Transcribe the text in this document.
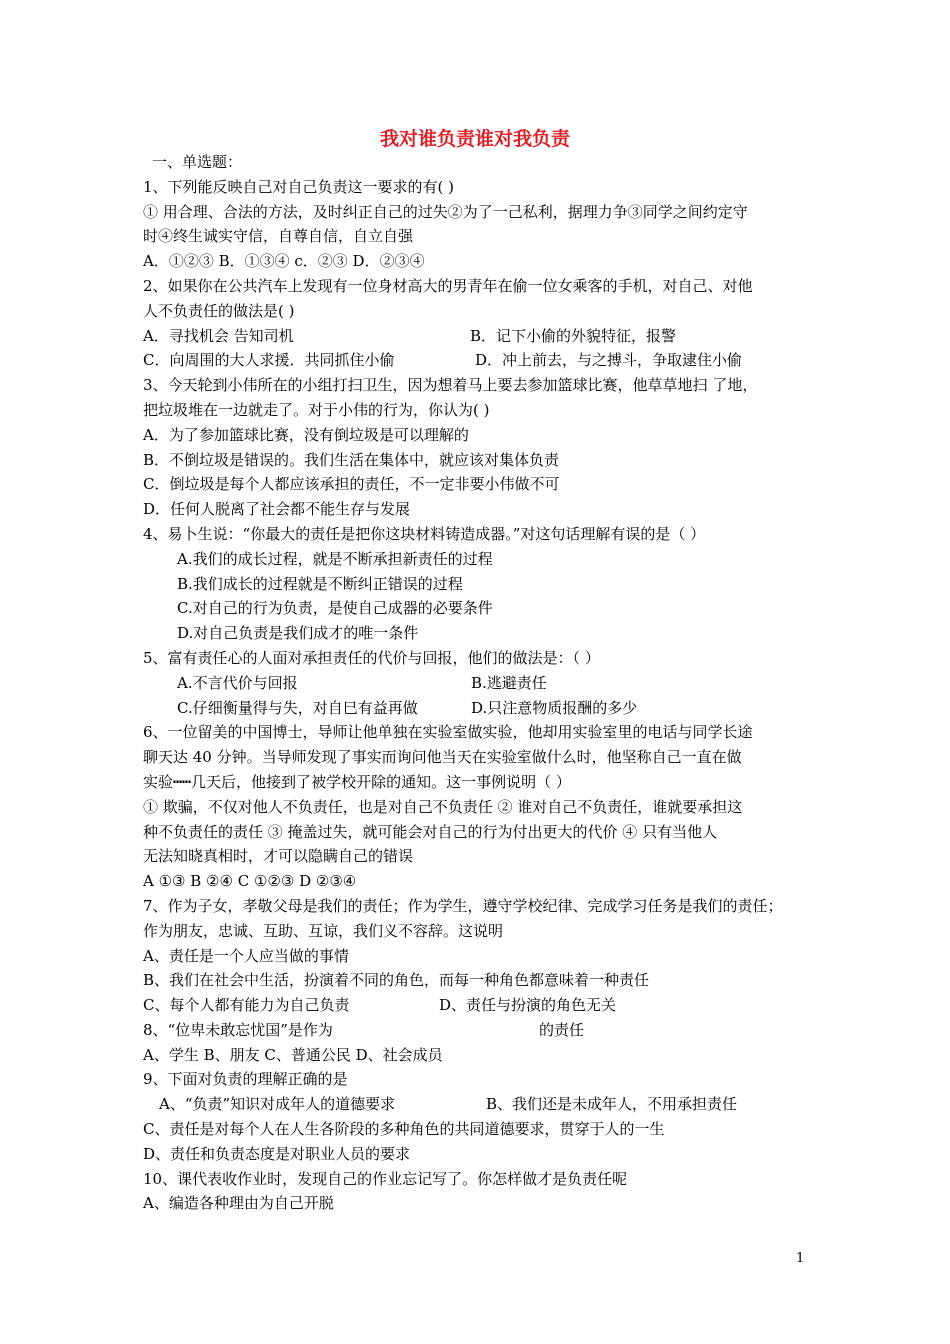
我对谁负责谁对我负责
一、单选题：
1、下列能反映自己对自己负责这一要求的有( )
① 用合理、合法的方法，及时纠正自己的过失②为了一己私利，据理力争③同学之间约定守
时④终生诚实守信，自尊自信，自立自强
A．①②③ B．①③④ c．②③ D．②③④
2、如果你在公共汽车上发现有一位身材高大的男青年在偷一位女乘客的手机，对自己、对他
人不负责任的做法是( )
A．寻找机会 告知司机	B．记下小偷的外貌特征，报警
C．向周围的大人求援．共同抓住小偷	D．冲上前去，与之搏斗，争取逮住小偷
3、今天轮到小伟所在的小组打扫卫生，因为想着马上要去参加篮球比赛，他草草地扫 了地，
把垃圾堆在一边就走了。对于小伟的行为，你认为( )
A．为了参加篮球比赛，没有倒垃圾是可以理解的
B．不倒垃圾是错误的。我们生活在集体中，就应该对集体负责
C．倒垃圾是每个人都应该承担的责任，不一定非要小伟做不可
D．任何人脱离了社会都不能生存与发展
4、易卜生说：“你最大的责任是把你这块材料铸造成器。”对这句话理解有误的是（ ）
A.我们的成长过程，就是不断承担新责任的过程
B.我们成长的过程就是不断纠正错误的过程
C.对自己的行为负责，是使自己成器的必要条件
D.对自己负责是我们成才的唯一条件
5、富有责任心的人面对承担责任的代价与回报，他们的做法是：（ ）
A.不言代价与回报	B.逃避责任
C.仔细衡量得与失，对自巳有益再做	D.只注意物质报酬的多少
6、一位留美的中国博士，导师让他单独在实验室做实验，他却用实验室里的电话与同学长途
聊天达 40 分钟。当导师发现了事实而询问他当天在实验室做什么时，他坚称自己一直在做
实验┅┅几天后，他接到了被学校开除的通知。这一事例说明（ ）
① 欺骗，不仅对他人不负责任，也是对自己不负责任 ② 谁对自己不负责任，谁就要承担这
种不负责任的责任 ③ 掩盖过失，就可能会对自己的行为付出更大的代价 ④ 只有当他人
无法知晓真相时，才可以隐瞒自己的错误
A ①③ B ②④ C ①②③ D ②③④
7、作为子女，孝敬父母是我们的责任；作为学生，遵守学校纪律、完成学习任务是我们的责任；
作为朋友，忠诚、互助、互谅，我们义不容辞。这说明
A、责任是一个人应当做的事情
B、我们在社会中生活，扮演着不同的角色，而每一种角色都意味着一种责任
C、每个人都有能力为自己负责	D、责任与扮演的角色无关
8、“位卑未敢忘忧国”是作为	的责任
A、学生 B、朋友 C、普通公民 D、社会成员
9、下面对负责的理解正确的是
A、“负责”知识对成年人的道德要求	B、我们还是未成年人，不用承担责任
C、责任是对每个人在人生各阶段的多种角色的共同道德要求，贯穿于人的一生
D、责任和负责态度是对职业人员的要求
10、课代表收作业时，发现自己的作业忘记写了。你怎样做才是负责任呢
A、编造各种理由为自己开脱
1
